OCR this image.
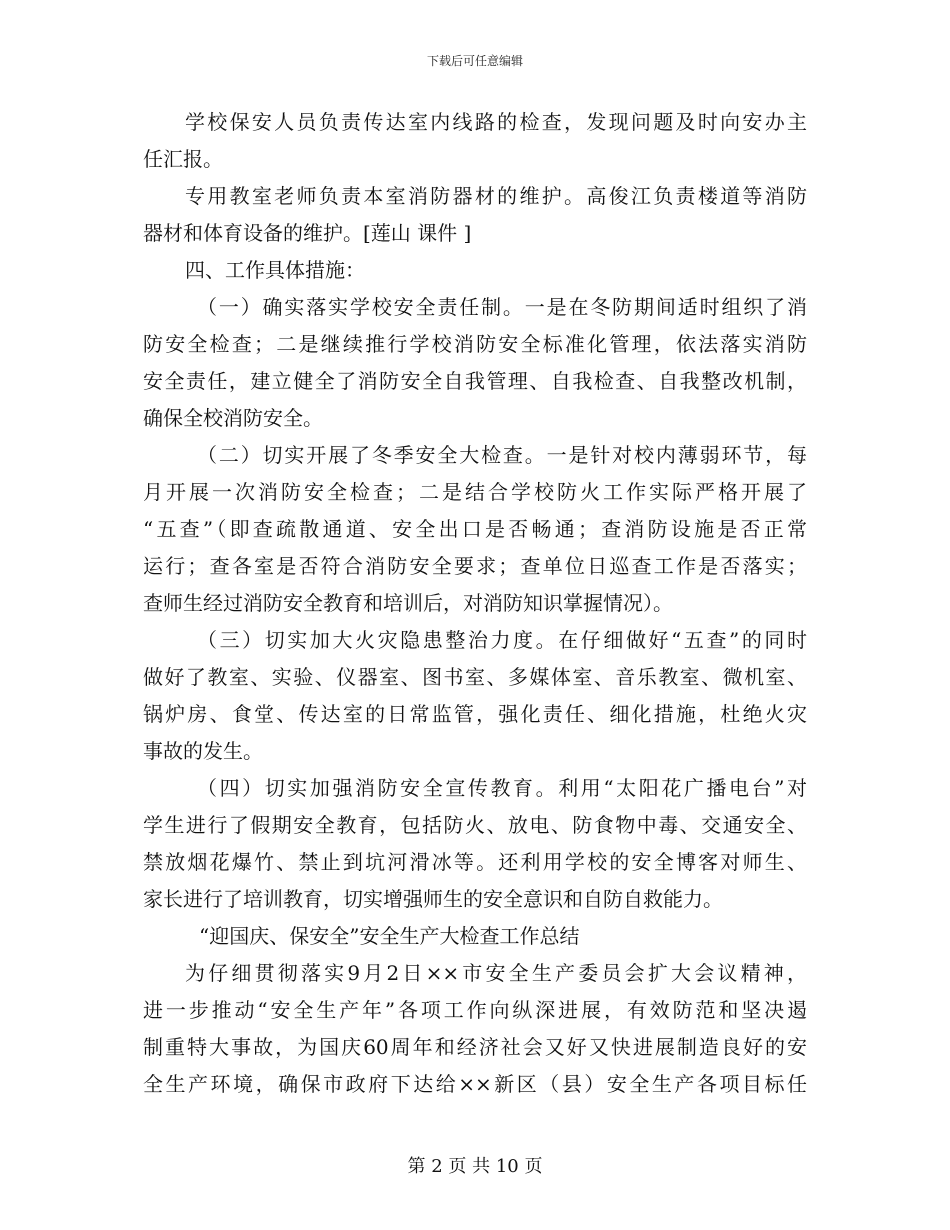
下载后可任意编辑
学校保安人员负责传达室内线路的检查，发现问题及时向安办主
任汇报。
专用教室老师负责本室消防器材的维护。高俊江负责楼道等消防
器材和体育设备的维护。[莲山 课件 ]
四、工作具体措施：
（一）确实落实学校安全责任制。一是在冬防期间适时组织了消
防安全检查；二是继续推行学校消防安全标准化管理，依法落实消防
安全责任，建立健全了消防安全自我管理、自我检查、自我整改机制，
确保全校消防安全。
（二）切实开展了冬季安全大检查。一是针对校内薄弱环节，每
月开展一次消防安全检查；二是结合学校防火工作实际严格开展了
“五查”（即查疏散通道、安全出口是否畅通；查消防设施是否正常
运行；查各室是否符合消防安全要求；查单位日巡查工作是否落实；
查师生经过消防安全教育和培训后，对消防知识掌握情况）。
（三）切实加大火灾隐患整治力度。在仔细做好“五查”的同时
做好了教室、实验、仪器室、图书室、多媒体室、音乐教室、微机室、
锅炉房、食堂、传达室的日常监管，强化责任、细化措施，杜绝火灾
事故的发生。
（四）切实加强消防安全宣传教育。利用“太阳花广播电台”对
学生进行了假期安全教育，包括防火、放电、防食物中毒、交通安全、
禁放烟花爆竹、禁止到坑河滑冰等。还利用学校的安全博客对师生、
家长进行了培训教育，切实增强师生的安全意识和自防自救能力。
“迎国庆、保安全”安全生产大检查工作总结
为仔细贯彻落实9月2日××市安全生产委员会扩大会议精神，
进一步推动“安全生产年”各项工作向纵深进展，有效防范和坚决遏
制重特大事故，为国庆60周年和经济社会又好又快进展制造良好的安
全生产环境，确保市政府下达给××新区（县）安全生产各项目标任
第 2 页 共 10 页
